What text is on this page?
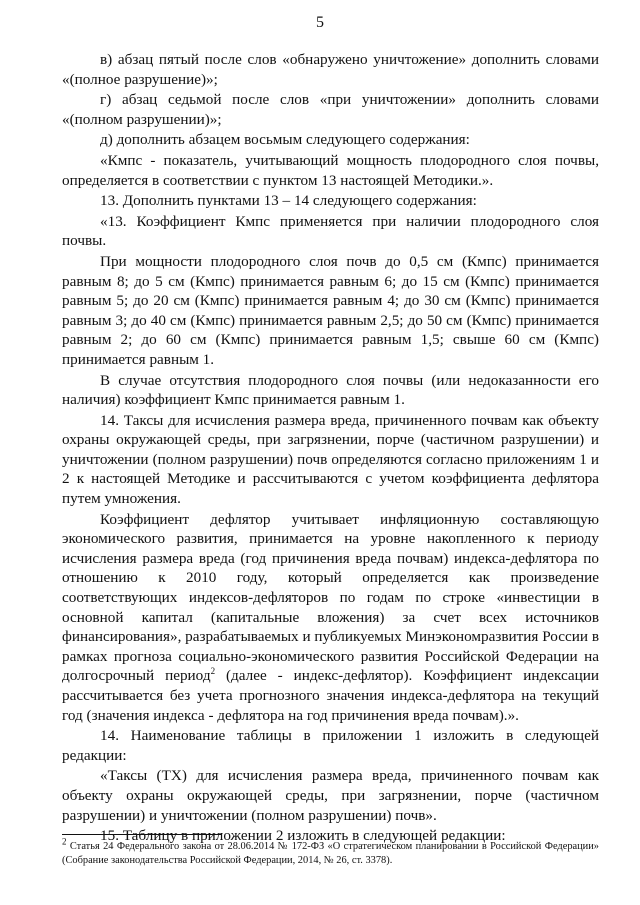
5

в) абзац пятый после слов «обнаружено уничтожение» дополнить словами «(полное разрушение)»;

г) абзац седьмой после слов «при уничтожении» дополнить словами «(полном разрушении)»;

д) дополнить абзацем восьмым следующего содержания:

«Кмпс - показатель, учитывающий мощность плодородного слоя почвы, определяется в соответствии с пунктом 13 настоящей Методики.».

13. Дополнить пунктами 13 – 14 следующего содержания:

«13. Коэффициент Кмпс применяется при наличии плодородного слоя почвы.

При мощности плодородного слоя почв до 0,5 см (Кмпс) принимается равным 8; до 5 см (Кмпс) принимается равным 6; до 15 см (Кмпс) принимается равным 5; до 20 см (Кмпс) принимается равным 4; до 30 см (Кмпс) принимается равным 3; до 40 см (Кмпс) принимается равным 2,5; до 50 см (Кмпс) принимается равным 2; до 60 см (Кмпс) принимается равным 1,5; свыше 60 см (Кмпс) принимается равным 1.

В случае отсутствия плодородного слоя почвы (или недоказанности его наличия) коэффициент Кмпс принимается равным 1.

14. Таксы для исчисления размера вреда, причиненного почвам как объекту охраны окружающей среды, при загрязнении, порче (частичном разрушении) и уничтожении (полном разрушении) почв определяются согласно приложениям 1 и 2 к настоящей Методике и рассчитываются с учетом коэффициента дефлятора путем умножения.

Коэффициент дефлятор учитывает инфляционную составляющую экономического развития, принимается на уровне накопленного к периоду исчисления размера вреда (год причинения вреда почвам) индекса-дефлятора по отношению к 2010 году, который определяется как произведение соответствующих индексов-дефляторов по годам по строке «инвестиции в основной капитал (капитальные вложения) за счет всех источников финансирования», разрабатываемых и публикуемых Минэкономразвития России в рамках прогноза социально-экономического развития Российской Федерации на долгосрочный период$^2$ (далее - индекс-дефлятор). Коэффициент индексации рассчитывается без учета прогнозного значения индекса-дефлятора на текущий год (значения индекса - дефлятора на год причинения вреда почвам).».

14. Наименование таблицы в приложении 1 изложить в следующей редакции:

«Таксы (ТХ) для исчисления размера вреда, причиненного почвам как объекту охраны окружающей среды, при загрязнении, порче (частичном разрушении) и уничтожении (полном разрушении) почв».

15. Таблицу в приложении 2 изложить в следующей редакции:

$^2$ Статья 24 Федерального закона от 28.06.2014 № 172-ФЗ «О стратегическом планировании в Российской Федерации» (Собрание законодательства Российской Федерации, 2014, № 26, ст. 3378).
